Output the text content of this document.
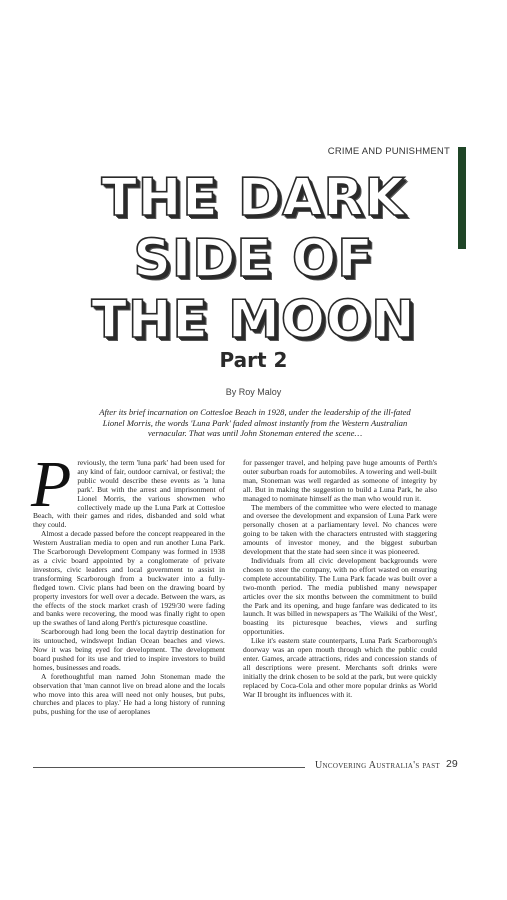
CRIME AND PUNISHMENT
THE DARK
SIDE OF
THE MOON
Part 2
By Roy Maloy
After its brief incarnation on Cottesloe Beach in 1928, under the leadership of the ill-fated Lionel Morris, the words 'Luna Park' faded almost instantly from the Western Australian vernacular. That was until John Stoneman entered the scene…

Previously, the term 'luna park' had been used for any kind of fair, outdoor carnival, or festival; the public would describe these events as 'a luna park'. But with the arrest and imprisonment of Lionel Morris, the various showmen who collectively made up the Luna Park at Cottesloe Beach, with their games and rides, disbanded and sold what they could.

Almost a decade passed before the concept reappeared in the Western Australian media to open and run another Luna Park. The Scarborough Development Company was formed in 1938 as a civic board appointed by a conglomerate of private investors, civic leaders and local government to assist in transforming Scarborough from a buckwater into a fully-fledged town. Civic plans had been on the drawing board by property investors for well over a decade. Between the wars, as the effects of the stock market crash of 1929/30 were fading and banks were recovering, the mood was finally right to open up the swathes of land along Perth's picturesque coastline.

Scarborough had long been the local daytrip destination for its untouched, windswept Indian Ocean beaches and views. Now it was being eyed for development. The development board pushed for its use and tried to inspire investors to build homes, businesses and roads.

A forethoughtful man named John Stoneman made the observation that 'man cannot live on bread alone and the locals who move into this area will need not only houses, but pubs, churches and places to play.' He had a long history of running pubs, pushing for the use of aeroplanes

for passenger travel, and helping pave huge amounts of Perth's outer suburban roads for automobiles. A towering and well-built man, Stoneman was well regarded as someone of integrity by all. But in making the suggestion to build a Luna Park, he also managed to nominate himself as the man who would run it.

The members of the committee who were elected to manage and oversee the development and expansion of Luna Park were personally chosen at a parliamentary level. No chances were going to be taken with the characters entrusted with staggering amounts of investor money, and the biggest suburban development that the state had seen since it was pioneered.

Individuals from all civic development backgrounds were chosen to steer the company, with no effort wasted on ensuring complete accountability. The Luna Park facade was built over a two-month period. The media published many newspaper articles over the six months between the commitment to build the Park and its opening, and huge fanfare was dedicated to its launch. It was billed in newspapers as 'The Waikiki of the West', boasting its picturesque beaches, views and surfing opportunities.

Like it's eastern state counterparts, Luna Park Scarborough's doorway was an open mouth through which the public could enter. Games, arcade attractions, rides and concession stands of all descriptions were present. Merchants soft drinks were initially the drink chosen to be sold at the park, but were quickly replaced by Coca-Cola and other more popular drinks as World War II brought its influences with it.

Uncovering Australia's past 29
